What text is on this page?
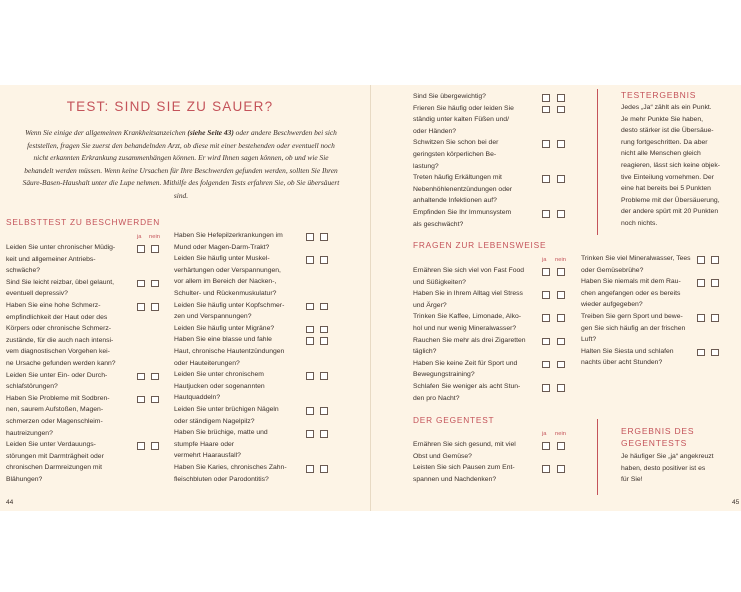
TEST: SIND SIE ZU SAUER?
Wenn Sie einige der allgemeinen Krankheitsanzeichen (siehe Seite 43) oder andere Beschwerden bei sich feststellen, fragen Sie zuerst den behandelnden Arzt, ob diese mit einer bestehenden oder eventuell noch nicht erkannten Erkrankung zusammenhängen können. Er wird Ihnen sagen können, ob und wie Sie behandelt werden müssen. Wenn keine Ursachen für Ihre Beschwerden gefunden werden, sollten Sie Ihren Säure-Basen-Haushalt unter die Lupe nehmen. Mithilfe des folgenden Tests erfahren Sie, ob Sie übersäuert sind.
SELBSTTEST ZU BESCHWERDEN
ja nein
Leiden Sie unter chronischer Müdig-
keit und allgemeiner Antriebs-
schwäche?
Sind Sie leicht reizbar, übel gelaunt,
eventuell depressiv?
Haben Sie eine hohe Schmerz-
empfindlichkeit der Haut oder des
Körpers oder chronische Schmerz-
zustände, für die auch nach intensi-
vem diagnostischen Vorgehen kei-
ne Ursache gefunden werden kann?
Leiden Sie unter Ein- oder Durch-
schlafstörungen?
Haben Sie Probleme mit Sodbren-
nen, saurem Aufstoßen, Magen-
schmerzen oder Magenschleim-
hautreizungen?
Leiden Sie unter Verdauungs-
störungen mit Darmträgheit oder
chronischen Darmreizungen mit
Blähungen?
Haben Sie Hefepilzerkrankungen im
Mund oder Magen-Darm-Trakt?
Leiden Sie häufig unter Muskel-
verhärtungen oder Verspannungen,
vor allem im Bereich der Nacken-,
Schulter- und Rückenmuskulatur?
Leiden Sie häufig unter Kopfschmer-
zen und Verspannungen?
Leiden Sie häufig unter Migräne?
Haben Sie eine blasse und fahle
Haut, chronische Hautentzündungen
oder Hauteiterungen?
Leiden Sie unter chronischem
Hautjucken oder sogenannten
Hautquaddeln?
Leiden Sie unter brüchigen Nägeln
oder ständigem Nagelpilz?
Haben Sie brüchige, matte und
stumpfe Haare oder
vermehrt Haarausfall?
Haben Sie Karies, chronisches Zahn-
fleischbluten oder Parodontitis?
44
Sind Sie übergewichtig?
Frieren Sie häufig oder leiden Sie
ständig unter kalten Füßen und/
oder Händen?
Schwitzen Sie schon bei der
geringsten körperlichen Be-
lastung?
Treten häufig Erkältungen mit
Nebenhöhlenentzündungen oder
anhaltende Infektionen auf?
Empfinden Sie Ihr Immunsystem
als geschwächt?
FRAGEN ZUR LEBENSWEISE
ja nein
Ernähren Sie sich viel von Fast Food
und Süßigkeiten?
Haben Sie in Ihrem Alltag viel Stress
und Ärger?
Trinken Sie Kaffee, Limonade, Alko-
hol und nur wenig Mineralwasser?
Rauchen Sie mehr als drei Zigaretten
täglich?
Haben Sie keine Zeit für Sport und
Bewegungstraining?
Schlafen Sie weniger als acht Stun-
den pro Nacht?
Trinken Sie viel Mineralwasser, Tees
oder Gemüsebrühe?
Haben Sie niemals mit dem Rau-
chen angefangen oder es bereits
wieder aufgegeben?
Treiben Sie gern Sport und bewe-
gen Sie sich häufig an der frischen
Luft?
Halten Sie Siesta und schlafen
nachts über acht Stunden?
DER GEGENTEST
ja nein
Ernähren Sie sich gesund, mit viel
Obst und Gemüse?
Leisten Sie sich Pausen zum Ent-
spannen und Nachdenken?
TESTERGEBNIS
Jedes „Ja“ zählt als ein Punkt.
Je mehr Punkte Sie haben,
desto stärker ist die Übersäue-
rung fortgeschritten. Da aber
nicht alle Menschen gleich
reagieren, lässt sich keine objek-
tive Einteilung vornehmen. Der
eine hat bereits bei 5 Punkten
Probleme mit der Übersäuerung,
der andere spürt mit 20 Punkten
noch nichts.
ERGEBNIS DES
GEGENTESTS
Je häufiger Sie „ja“ angekreuzt
haben, desto positiver ist es
für Sie!
45
